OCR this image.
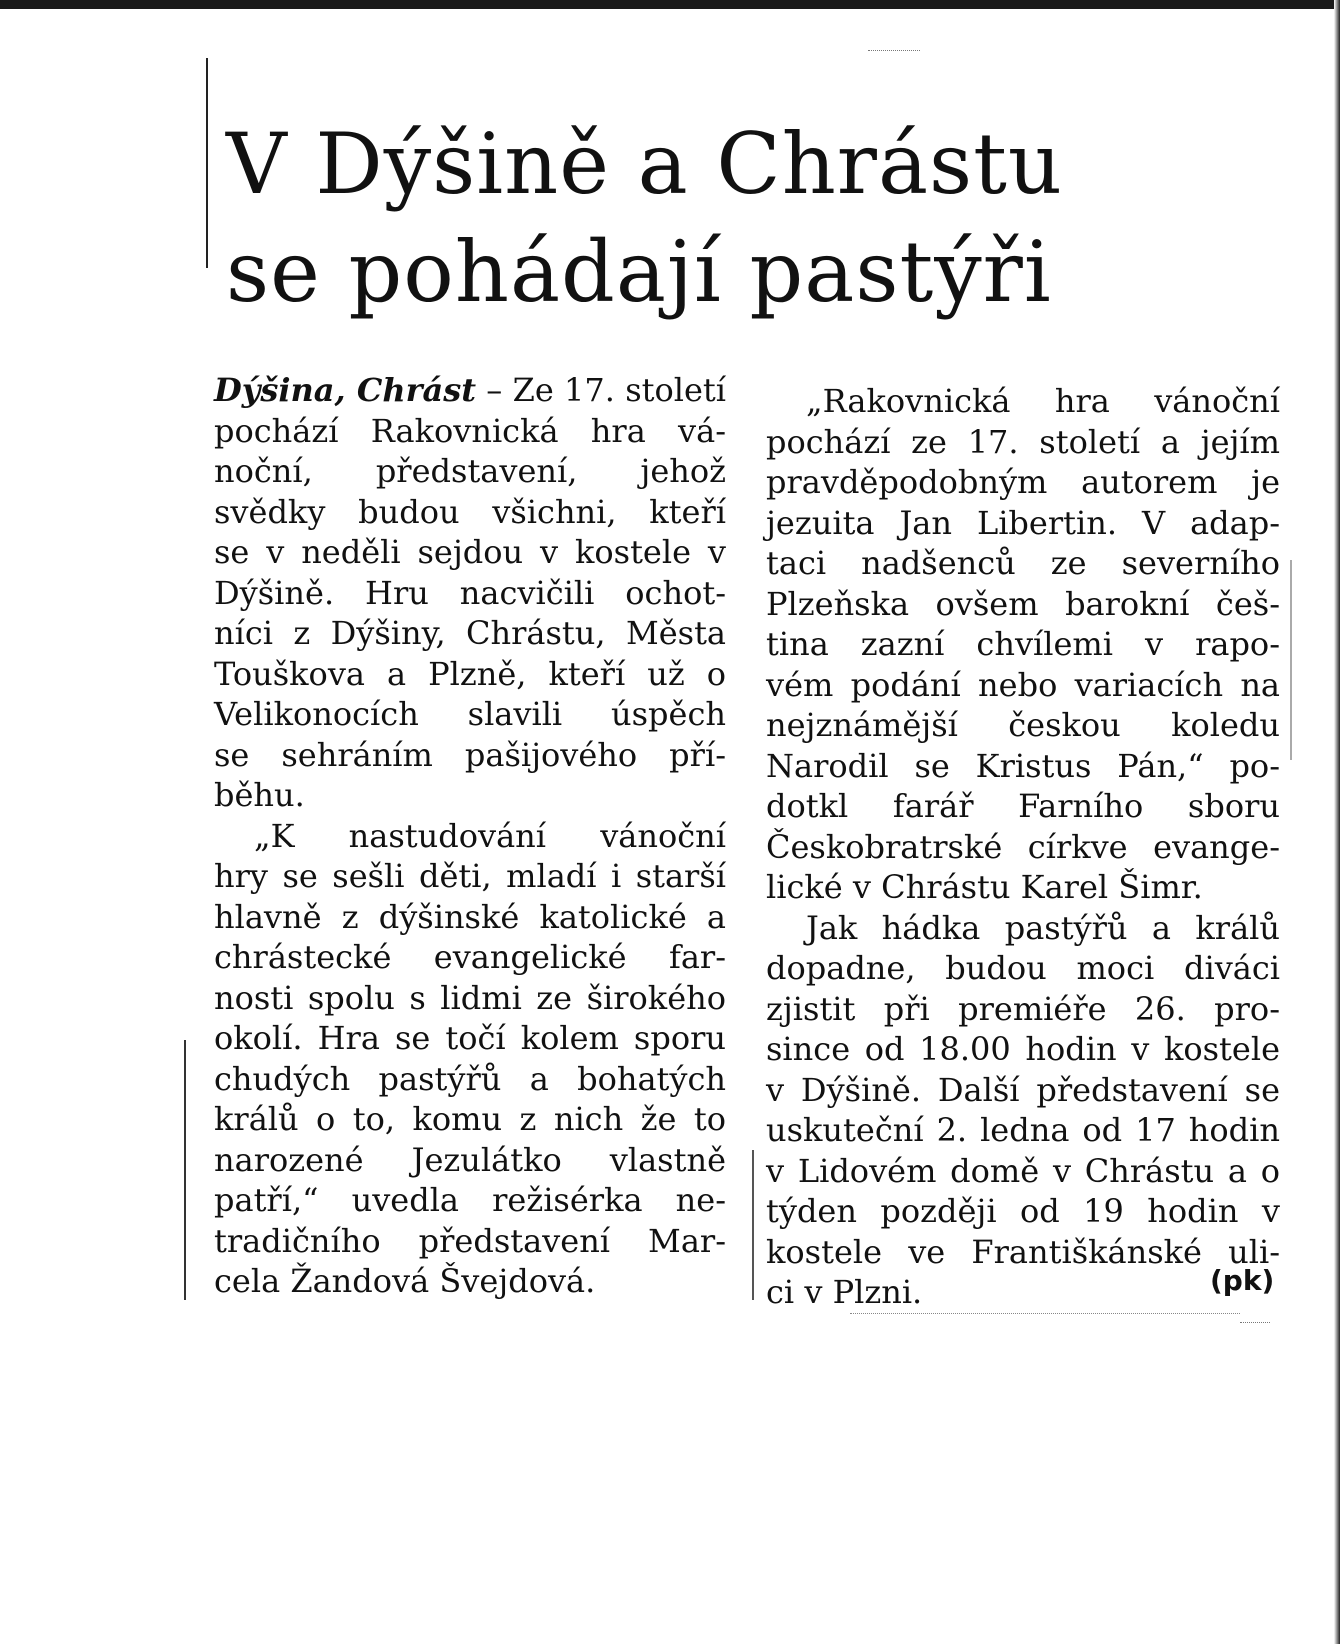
V Dýšině a Chrástu
se pohádají pastýři
Dýšina, Chrást – Ze 17. století
pochází Rakovnická hra vá-
noční, představení, jehož
svědky budou všichni, kteří
se v neděli sejdou v kostele v
Dýšině. Hru nacvičili ochot-
níci z Dýšiny, Chrástu, Města
Touškova a Plzně, kteří už o
Velikonocích slavili úspěch
se sehráním pašijového pří-
běhu.
„K nastudování vánoční
hry se sešli děti, mladí i starší
hlavně z dýšinské katolické a
chrástecké evangelické far-
nosti spolu s lidmi ze širokého
okolí. Hra se točí kolem sporu
chudých pastýřů a bohatých
králů o to, komu z nich že to
narozené Jezulátko vlastně
patří,“ uvedla režisérka ne-
tradičního představení Mar-
cela Žandová Švejdová.
„Rakovnická hra vánoční
pochází ze 17. století a jejím
pravděpodobným autorem je
jezuita Jan Libertin. V adap-
taci nadšenců ze severního
Plzeňska ovšem barokní češ-
tina zazní chvílemi v rapo-
vém podání nebo variacích na
nejznámější českou koledu
Narodil se Kristus Pán,“ po-
dotkl farář Farního sboru
Českobratrské církve evange-
lické v Chrástu Karel Šimr.
Jak hádka pastýřů a králů
dopadne, budou moci diváci
zjistit při premiéře 26. pro-
since od 18.00 hodin v kostele
v Dýšině. Další představení se
uskuteční 2. ledna od 17 hodin
v Lidovém domě v Chrástu a o
týden později od 19 hodin v
kostele ve Františkánské uli-
ci v Plzni.	(pk)
